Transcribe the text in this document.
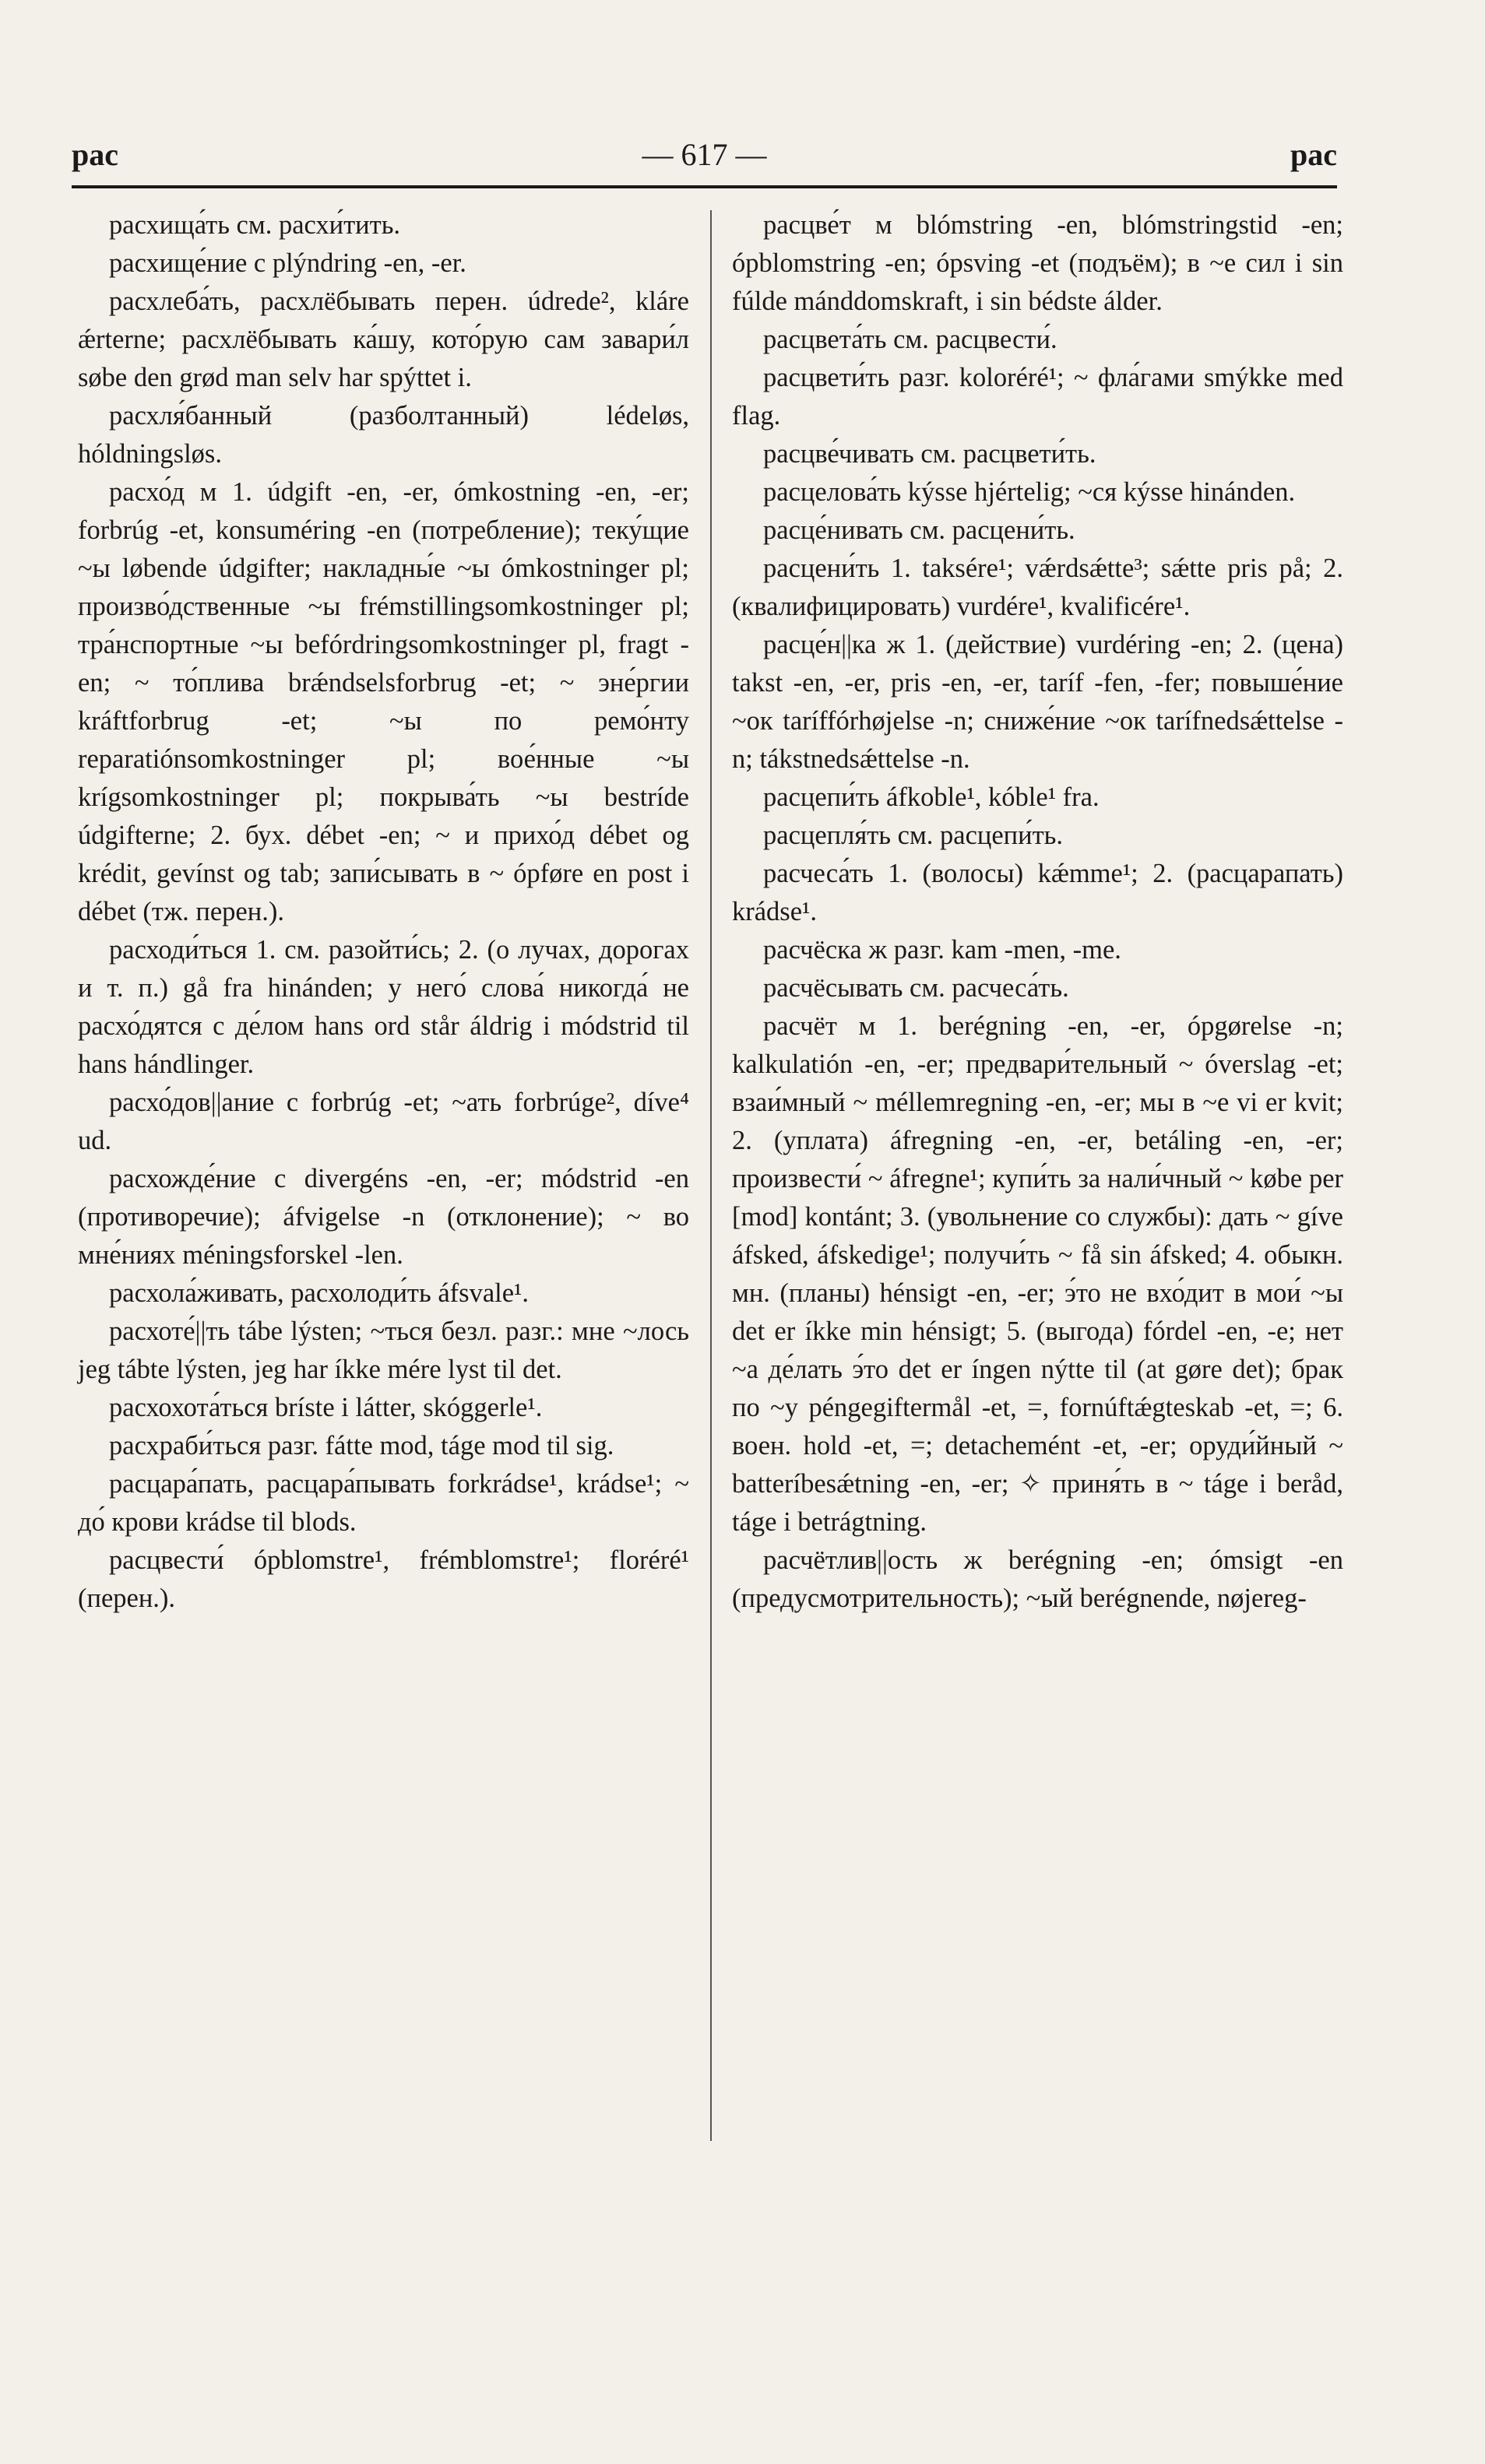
рас	— 617 —	рас

расхища́ть см. расхи́тить.

расхище́ние с plýndring -en, -er.

расхлеба́ть, расхлёбывать перен. údrede², kláre ǽrterne; расхлёбывать ка́шу, кото́рую сам завари́л søbe den grød man selv har spýttet i.

расхля́банный (разболтанный) lédeløs, hóldningsløs.

расхо́д м 1. údgift -en, -er, ómkostning -en, -er; forbrúg -et, konsuméring -en (потребление); теку́щие ~ы løbende údgifter; накладны́е ~ы ómkostninger pl; произво́дственные ~ы frémstillingsomkostninger pl; тра́нспортные ~ы befórdringsomkostninger pl, fragt -en; ~ то́плива brǽndselsforbrug -et; ~ эне́ргии kráftforbrug -et; ~ы по ремо́нту reparatiónsomkostninger pl; вое́нные ~ы krígsomkostninger pl; покрыва́ть ~ы bestríde údgifterne; 2. бух. débet -en; ~ и прихо́д débet og krédit, gevínst og tab; запи́сывать в ~ ópføre en post i débet (тж. перен.).

расходи́ться 1. см. разойти́сь; 2. (о лучах, дорогах и т. п.) gå fra hinánden; у него́ слова́ никогда́ не расхо́дятся с де́лом hans ord står áldrig i módstrid til hans hándlinger.

расхо́дов||ание с forbrúg -et; ~ать forbrúge², díve⁴ ud.

расхожде́ние с divergéns -en, -er; módstrid -en (противоречие); áfvigelse -n (отклонение); ~ во мне́ниях méningsforskel -len.

расхола́живать, расхолоди́ть áfsvale¹.

расхоте́||ть tábe lýsten; ~ться безл. разг.: мне ~лось jeg tábte lýsten, jeg har íkke mére lyst til det.

расхохота́ться bríste i látter, skóggerle¹.

расхраби́ться разг. fátte mod, táge mod til sig.

расцара́пать, расцара́пывать forkrádse¹, krádse¹; ~ до́ крови krádse til blods.

расцвести́ ópblomstre¹, frémblomstre¹; floréré¹ (перен.).

расцве́т м blómstring -en, blómstringstid -en; ópblomstring -en; ópsving -et (подъём); в ~е сил i sin fúlde mánddomskraft, i sin bédste álder.

расцвета́ть см. расцвести́.

расцвети́ть разг. koloréré¹; ~ фла́гами smýkke med flag.

расцве́чивать см. расцвети́ть.

расцелова́ть kýsse hjértelig; ~ся kýsse hinánden.

расце́нивать см. расцени́ть.

расцени́ть 1. taksére¹; vǽrdsǽtte³; sǽtte pris på; 2. (квалифицировать) vurdére¹, kvalificére¹.

расце́н||ка ж 1. (действие) vurdéring -en; 2. (цена) takst -en, -er, pris -en, -er, taríf -fen, -fer; повыше́ние ~ок taríffórhøjelse -n; сниже́ние ~ок taríf​nedsǽttelse -n; tákstnedsǽttelse -n.

расцепи́ть áfkoble¹, kóble¹ fra.

расцепля́ть см. расцепи́ть.

расчеса́ть 1. (волосы) kǽmme¹; 2. (расцарапать) krádse¹.

расчёска ж разг. kam -men, -me.

расчёсывать см. расчеса́ть.

расчёт м 1. berégning -en, -er, ópgørelse -n; kalkulatión -en, -er; предвари́тельный ~ óverslag -et; взаи́мный ~ méllemregning -en, -er; мы в ~е vi er kvit; 2. (уплата) áfregning -en, -er, betáling -en, -er; произвести́ ~ áfregne¹; купи́ть за нали́чный ~ købe per [mod] kontánt; 3. (увольнение со службы): дать ~ gíve áfsked, áfskedige¹; получи́ть ~ få sin áfsked; 4. обыкн. мн. (планы) hénsigt -en, -er; э́то не вхо́дит в мои́ ~ы det er íkke min hénsigt; 5. (выгода) fórdel -en, -e; нет ~а де́лать э́то det er íngen nýtte til (at gøre det); брак по ~у péngegiftermål -et, =, fornúftǽgteskab -et, =; 6. воен. hold -et, =; detachemént -et, -er; оруди́йный ~ batteríbesǽtning -en, -er; ✧ приня́ть в ~ táge i beråd, táge i betrágtning.

расчётлив||ость ж berégning -en; ómsigt -en (предусмотрительность); ~ый berégnende, nøjereg-
